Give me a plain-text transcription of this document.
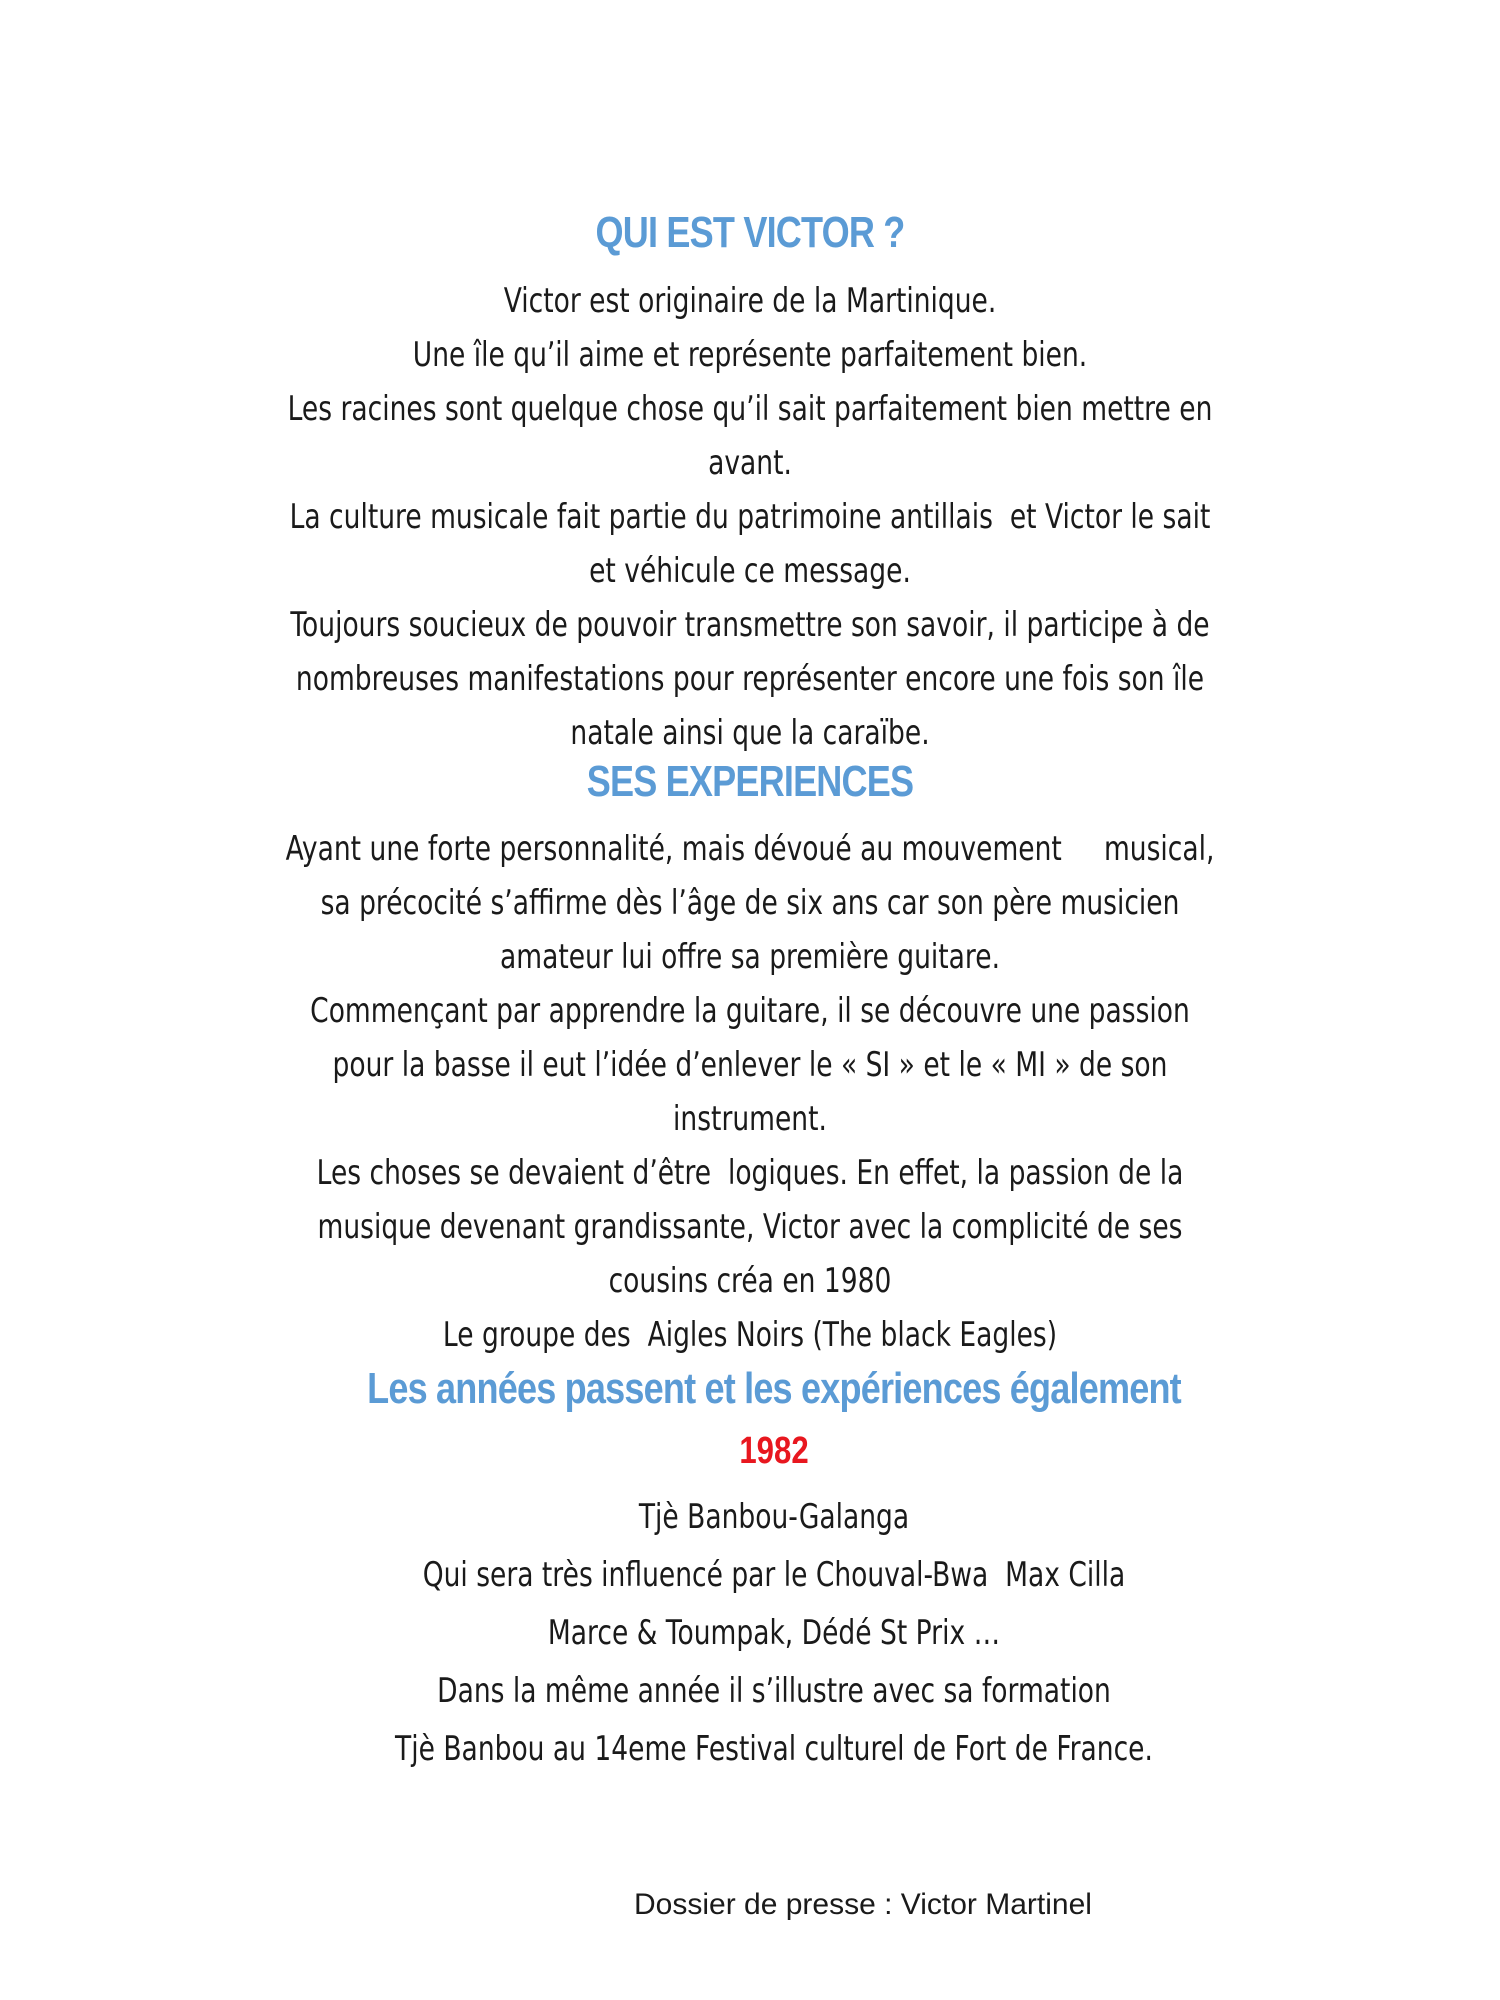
QUI EST VICTOR ?
Victor est originaire de la Martinique.
Une île qu’il aime et représente parfaitement bien.
Les racines sont quelque chose qu’il sait parfaitement bien mettre en
avant.
La culture musicale fait partie du patrimoine antillais  et Victor le sait
et véhicule ce message.
Toujours soucieux de pouvoir transmettre son savoir, il participe à de
nombreuses manifestations pour représenter encore une fois son île
natale ainsi que la caraïbe.
SES EXPERIENCES
Ayant une forte personnalité, mais dévoué au mouvement     musical,
sa précocité s’affirme dès l’âge de six ans car son père musicien
amateur lui offre sa première guitare.
Commençant par apprendre la guitare, il se découvre une passion
pour la basse il eut l’idée d’enlever le « SI » et le « MI » de son
instrument.
Les choses se devaient d’être  logiques. En effet, la passion de la
musique devenant grandissante, Victor avec la complicité de ses
cousins créa en 1980
Le groupe des  Aigles Noirs (The black Eagles)
Les années passent et les expériences également
1982
Tjè Banbou-Galanga
Qui sera très influencé par le Chouval-Bwa  Max Cilla
Marce & Toumpak, Dédé St Prix …
Dans la même année il s’illustre avec sa formation
Tjè Banbou au 14eme Festival culturel de Fort de France.
Dossier de presse : Victor Martinel
